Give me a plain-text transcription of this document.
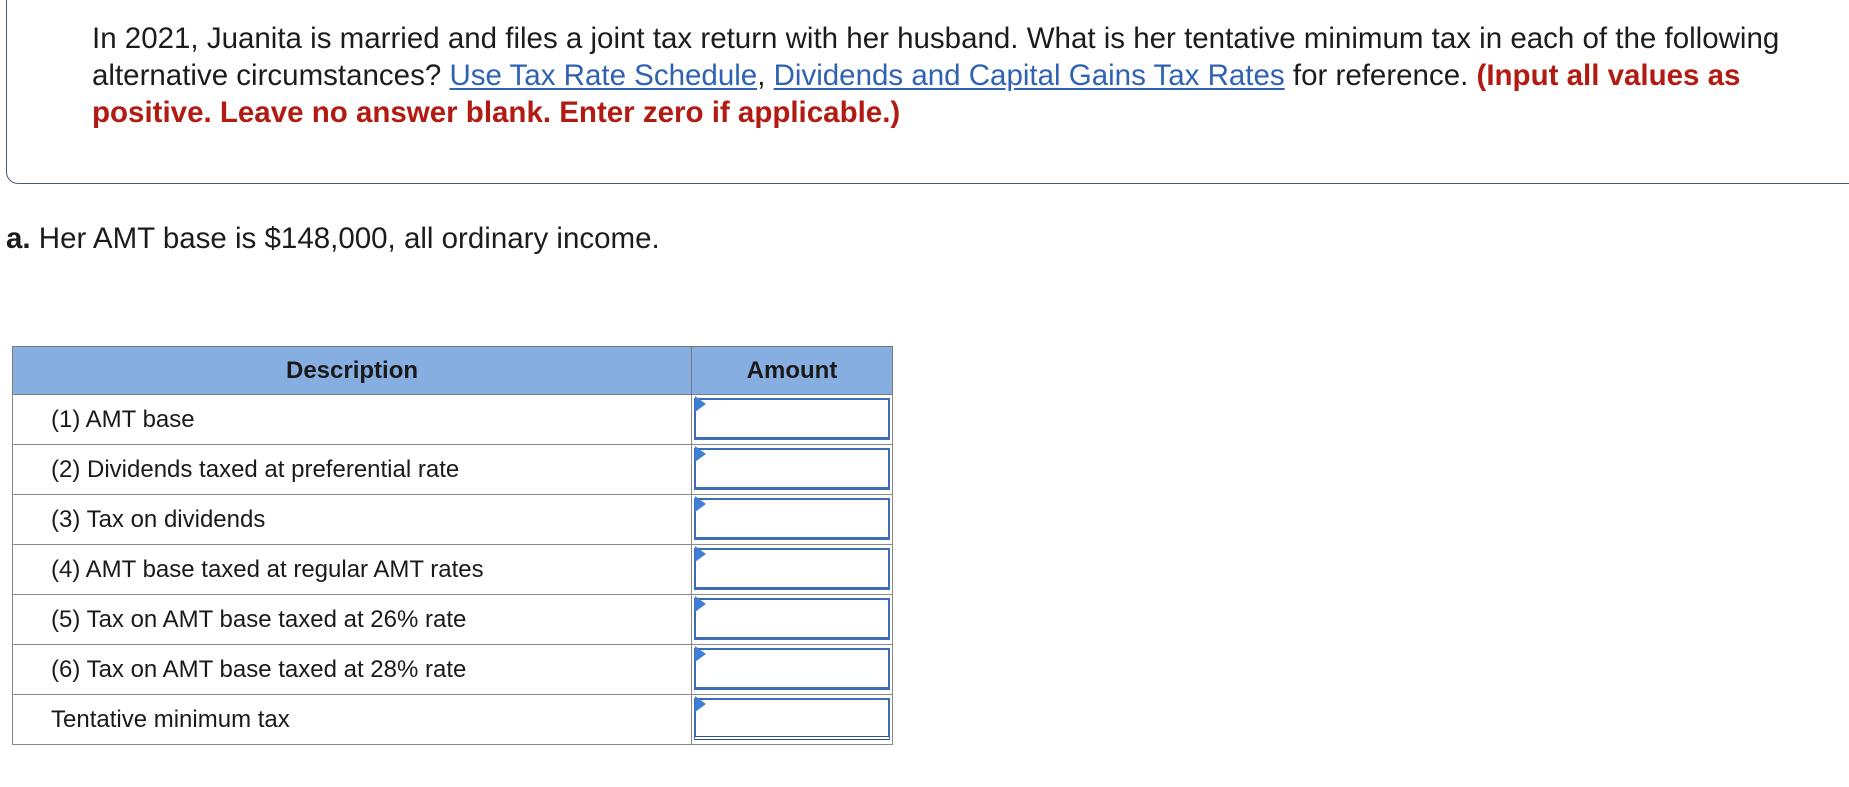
In 2021, Juanita is married and files a joint tax return with her husband. What is her tentative minimum tax in each of the following alternative circumstances? Use Tax Rate Schedule, Dividends and Capital Gains Tax Rates for reference. (Input all values as positive. Leave no answer blank. Enter zero if applicable.)
a. Her AMT base is $148,000, all ordinary income.
Description	Amount
(1) AMT base	

(2) Dividends taxed at preferential rate	

(3) Tax on dividends	

(4) AMT base taxed at regular AMT rates	

(5) Tax on AMT base taxed at 26% rate	

(6) Tax on AMT base taxed at 28% rate	

Tentative minimum tax	
